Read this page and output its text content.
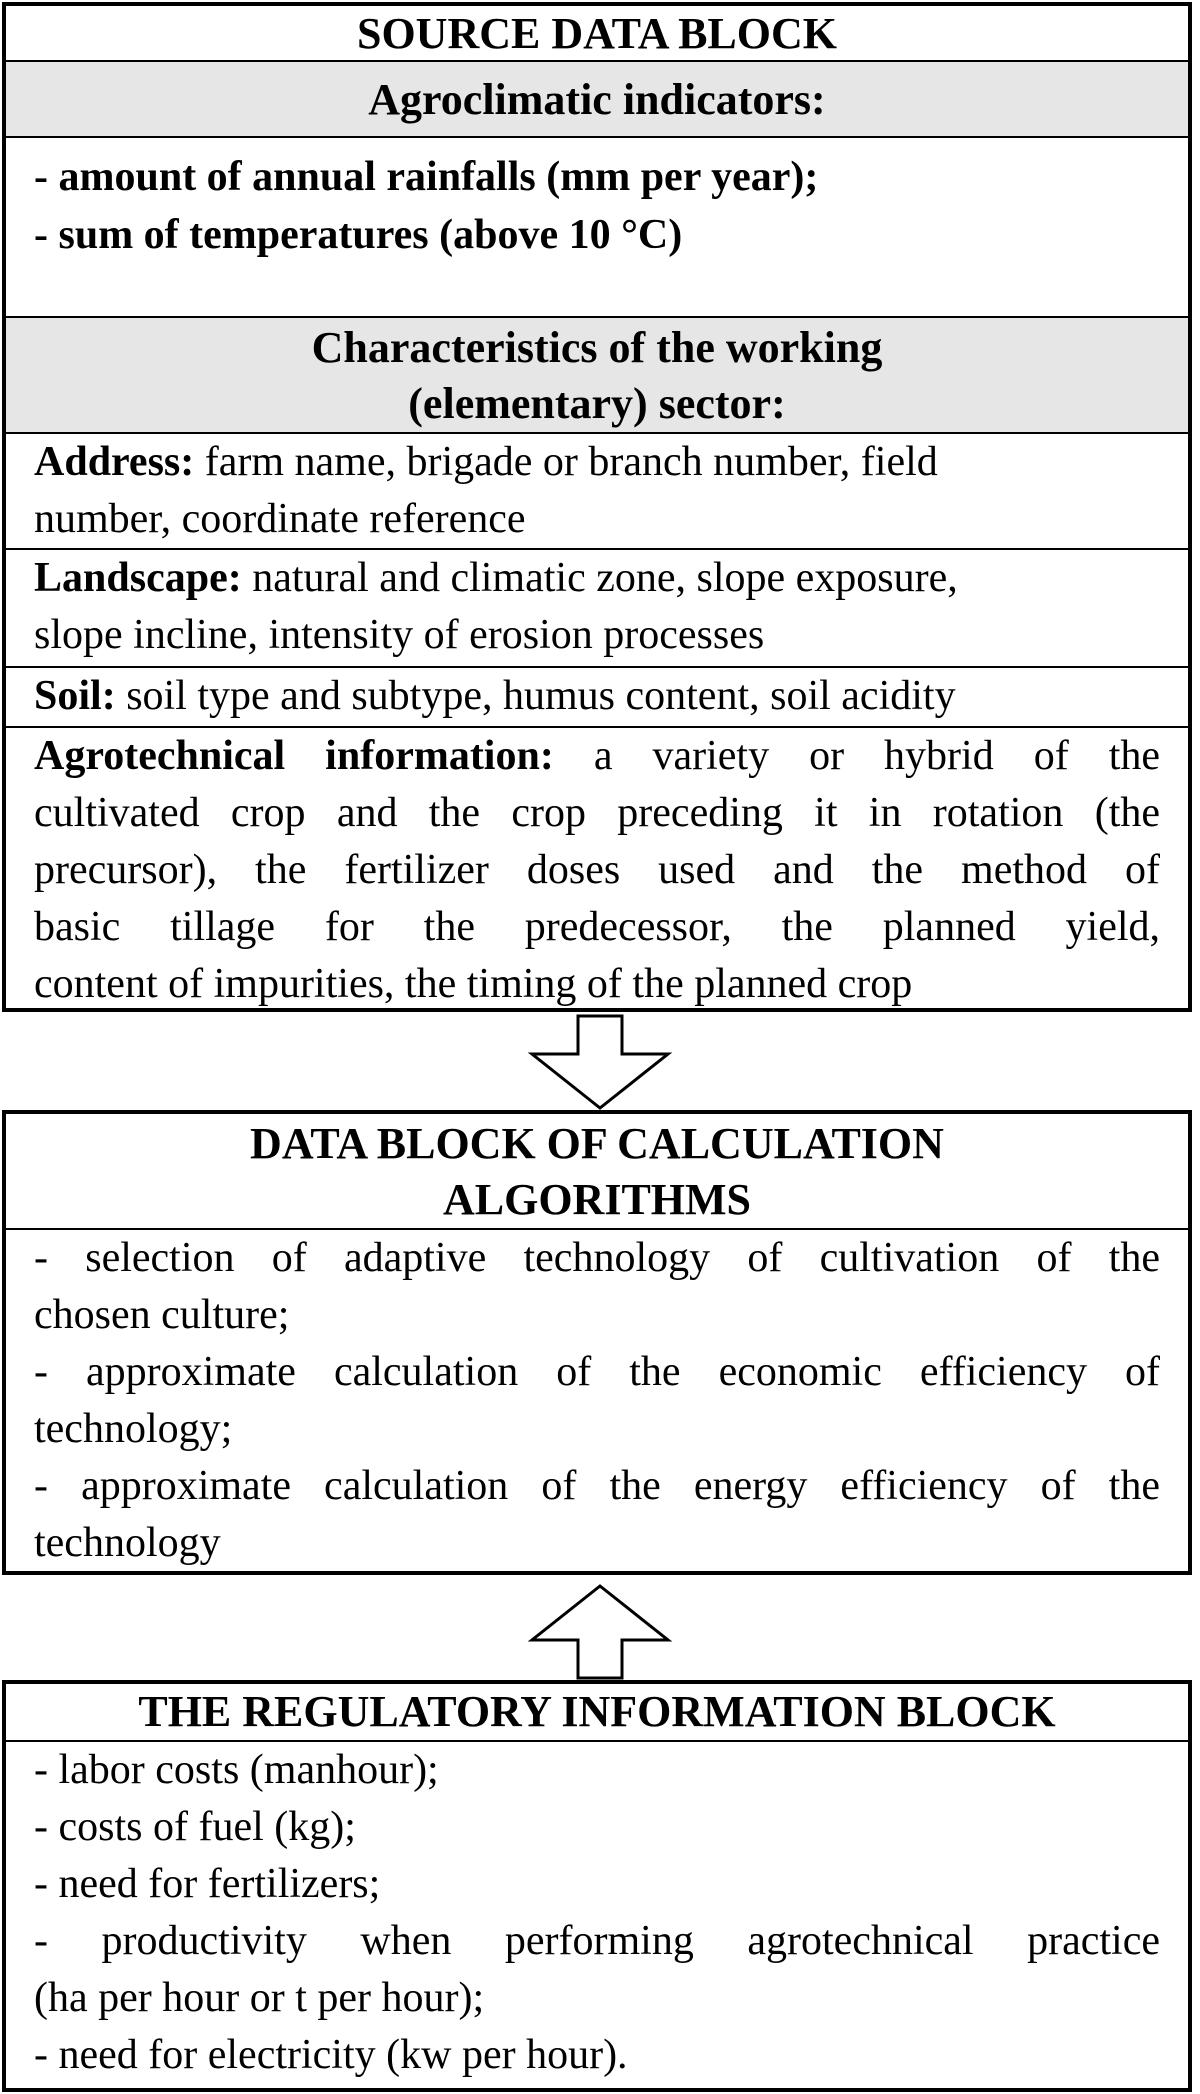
SOURCE DATA BLOCK
Agroclimatic indicators:
- amount of annual rainfalls (mm per year);
- sum of temperatures (above 10 °C)
Characteristics of the working
(elementary) sector:
Address: farm name, brigade or branch number, field
number, coordinate reference
Landscape: natural and climatic zone, slope exposure,
slope incline, intensity of erosion processes
Soil: soil type and subtype, humus content, soil acidity
Agrotechnical information: a variety or hybrid of the
cultivated crop and the crop preceding it in rotation (the
precursor), the fertilizer doses used and the method of
basic tillage for the predecessor, the planned yield,
content of impurities, the timing of the planned crop
DATA BLOCK OF CALCULATION
ALGORITHMS
- selection of adaptive technology of cultivation of the
chosen culture;
- approximate calculation of the economic efficiency of
technology;
- approximate calculation of the energy efficiency of the
technology
THE REGULATORY INFORMATION BLOCK
- labor costs (manhour);
- costs of fuel (kg);
- need for fertilizers;
- productivity when performing agrotechnical practice
(ha per hour or t per hour);
- need for electricity (kw per hour).
